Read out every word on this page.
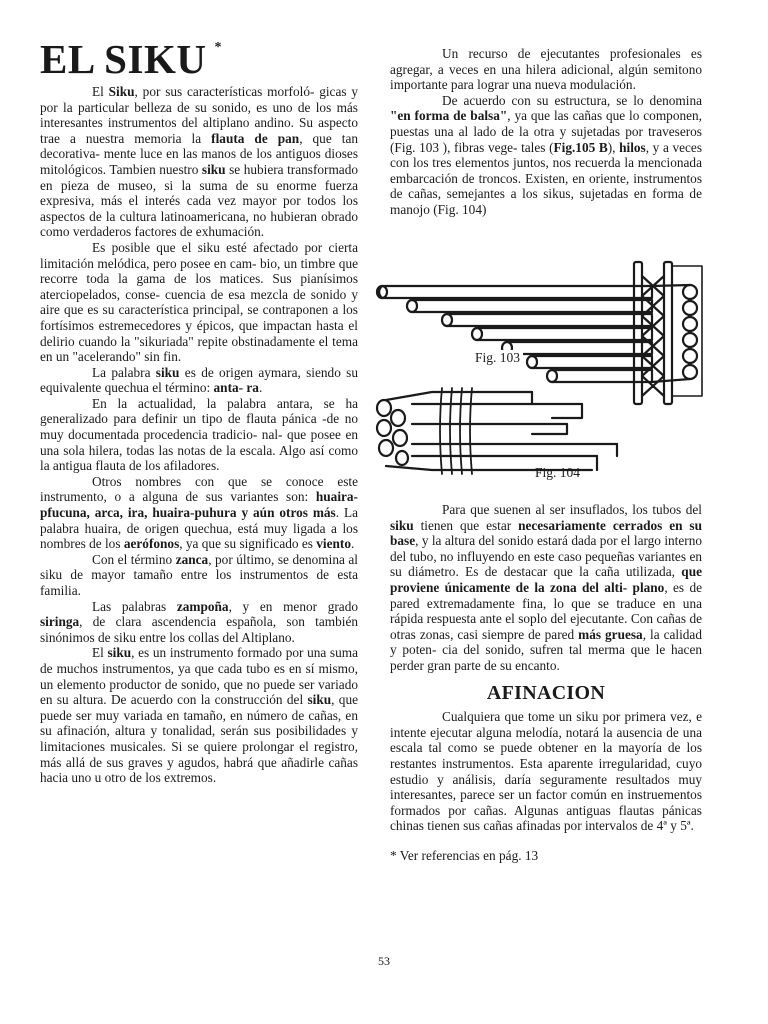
EL SIKU *

El Siku, por sus características morfoló- gicas y por la particular belleza de su sonido, es uno de los más interesantes instrumentos del altiplano andino. Su aspecto trae a nuestra memoria la flauta de pan, que tan decorativa- mente luce en las manos de los antiguos dioses mitológicos. Tambien nuestro siku se hubiera transformado en pieza de museo, si la suma de su enorme fuerza expresiva, más el interés cada vez mayor por todos los aspectos de la cultura latinoamericana, no hubieran obrado como verdaderos factores de exhumación.

Es posible que el siku esté afectado por cierta limitación melódica, pero posee en cam- bio, un timbre que recorre toda la gama de los matices. Sus pianísimos aterciopelados, conse- cuencia de esa mezcla de sonido y aire que es su característica principal, se contraponen a los fortísimos estremecedores y épicos, que impactan hasta el delirio cuando la "sikuriada" repite obstinadamente el tema en un "acelerando" sin fin.

La palabra siku es de origen aymara, siendo su equivalente quechua el término: anta- ra.

En la actualidad, la palabra antara, se ha generalizado para definir un tipo de flauta pánica -de no muy documentada procedencia tradicio- nal- que posee en una sola hilera, todas las notas de la escala. Algo así como la antigua flauta de los afiladores.

Otros nombres con que se conoce este instrumento, o a alguna de sus variantes son: huaira-pfucuna, arca, ira, huaira-puhura y aún otros más. La palabra huaira, de origen quechua, está muy ligada a los nombres de los aerófonos, ya que su significado es viento.

Con el término zanca, por último, se denomina al siku de mayor tamaño entre los instrumentos de esta familia.

Las palabras zampoña, y en menor grado siringa, de clara ascendencia española, son también sinónimos de siku entre los collas del Altiplano.

El siku, es un instrumento formado por una suma de muchos instrumentos, ya que cada tubo es en sí mismo, un elemento productor de sonido, que no puede ser variado en su altura. De acuerdo con la construcción del siku, que puede ser muy variada en tamaño, en número de cañas, en su afinación, altura y tonalidad, serán sus posibilidades y limitaciones musicales. Si se quiere prolongar el registro, más allá de sus graves y agudos, habrá que añadirle cañas hacia uno u otro de los extremos.

Un recurso de ejecutantes profesionales es agregar, a veces en una hilera adicional, algún semitono importante para lograr una nueva modulación.

De acuerdo con su estructura, se lo denomina "en forma de balsa", ya que las cañas que lo componen, puestas una al lado de la otra y sujetadas por traveseros (Fig. 103 ), fibras vege- tales (Fig.105 B), hilos, y a veces con los tres elementos juntos, nos recuerda la mencionada embarcación de troncos. Existen, en oriente, instrumentos de cañas, semejantes a los sikus, sujetadas en forma de manojo (Fig. 104)

Fig. 103
Fig. 104

Para que suenen al ser insuflados, los tubos del siku tienen que estar necesariamente cerrados en su base, y la altura del sonido estará dada por el largo interno del tubo, no influyendo en este caso pequeñas variantes en su diámetro. Es de destacar que la caña utilizada, que proviene únicamente de la zona del alti- plano, es de pared extremadamente fina, lo que se traduce en una rápida respuesta ante el soplo del ejecutante. Con cañas de otras zonas, casi siempre de pared más gruesa, la calidad y poten- cia del sonido, sufren tal merma que le hacen perder gran parte de su encanto.

AFINACION

Cualquiera que tome un siku por primera vez, e intente ejecutar alguna melodía, notará la ausencia de una escala tal como se puede obtener en la mayoría de los restantes instrumentos. Esta aparente irregularidad, cuyo estudio y análisis, daría seguramente resultados muy interesantes, parece ser un factor común en instruementos formados por cañas. Algunas antiguas flautas pánicas chinas tienen sus cañas afinadas por intervalos de 4ª y 5ª.

* Ver referencias en pág. 13

53
